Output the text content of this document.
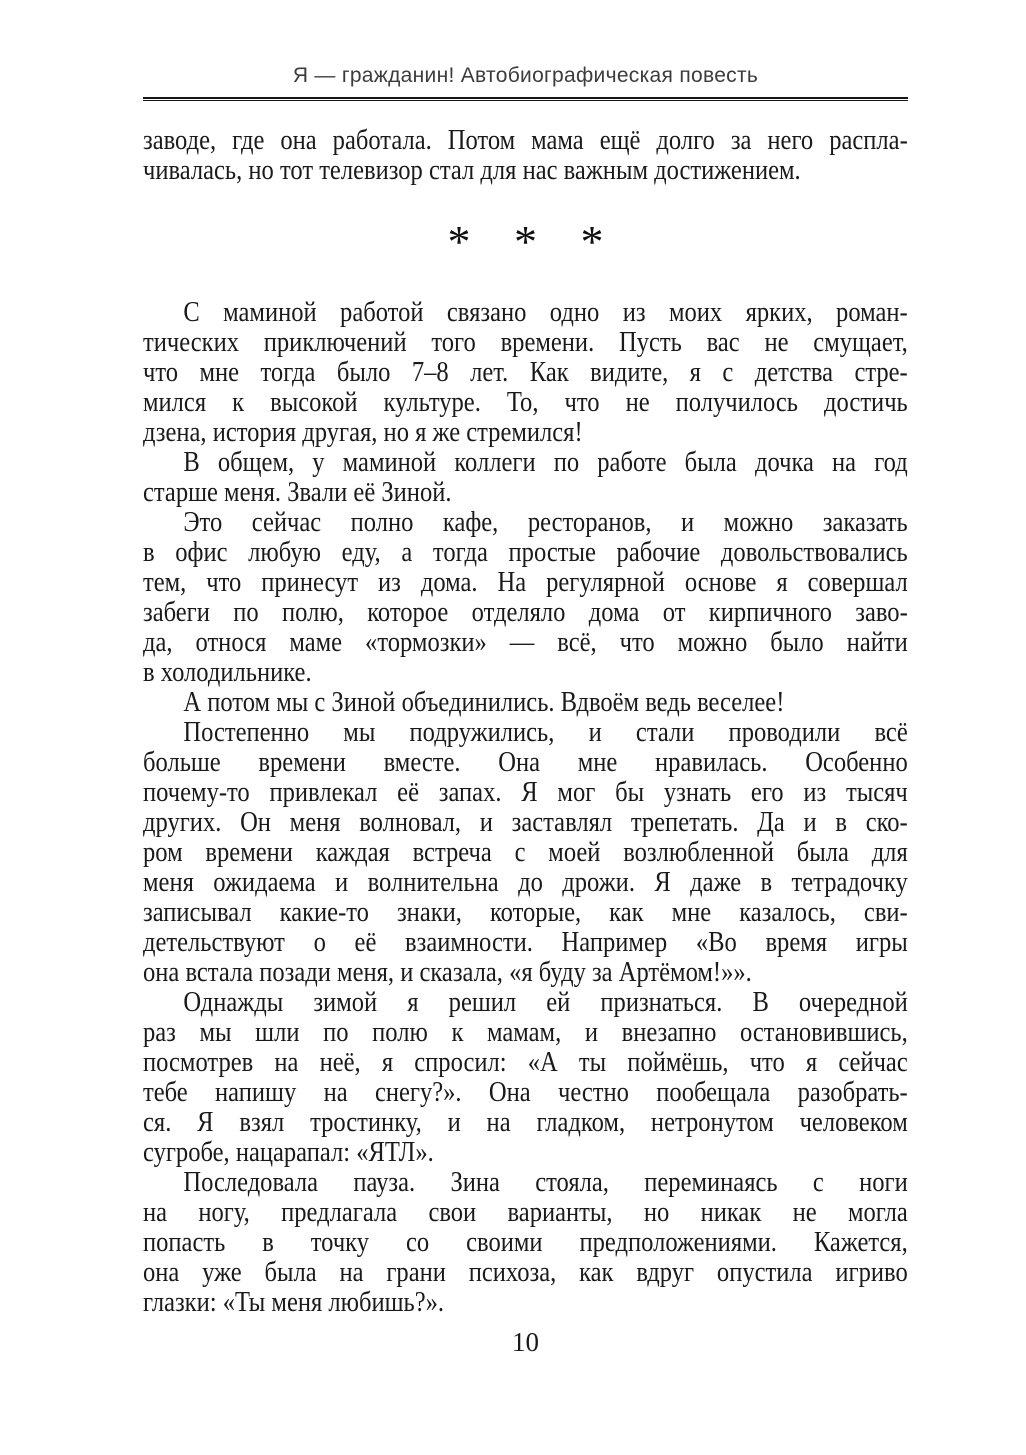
Я — гражданин! Автобиографическая повесть
заводе, где она работала. Потом мама ещё долго за него распла-
чивалась, но тот телевизор стал для нас важным достижением.
* * *
С маминой работой связано одно из моих ярких, роман-
тических приключений того времени. Пусть вас не смущает,
что мне тогда было 7–8 лет. Как видите, я с детства стре-
мился к высокой культуре. То, что не получилось достичь
дзена, история другая, но я же стремился!
В общем, у маминой коллеги по работе была дочка на год
старше меня. Звали её Зиной.
Это сейчас полно кафе, ресторанов, и можно заказать
в офис любую еду, а тогда простые рабочие довольствовались
тем, что принесут из дома. На регулярной основе я совершал
забеги по полю, которое отделяло дома от кирпичного заво-
да, относя маме «тормозки» — всё, что можно было найти
в холодильнике.
А потом мы с Зиной объединились. Вдвоём ведь веселее!
Постепенно мы подружились, и стали проводили всё
больше времени вместе. Она мне нравилась. Особенно
почему-то привлекал её запах. Я мог бы узнать его из тысяч
других. Он меня волновал, и заставлял трепетать. Да и в ско-
ром времени каждая встреча с моей возлюбленной была для
меня ожидаема и волнительна до дрожи. Я даже в тетрадочку
записывал какие-то знаки, которые, как мне казалось, сви-
детельствуют о её взаимности. Например «Во время игры
она встала позади меня, и сказала, «я буду за Артёмом!»».
Однажды зимой я решил ей признаться. В очередной
раз мы шли по полю к мамам, и внезапно остановившись,
посмотрев на неё, я спросил: «А ты поймёшь, что я сейчас
тебе напишу на снегу?». Она честно пообещала разобрать-
ся. Я взял тростинку, и на гладком, нетронутом человеком
сугробе, нацарапал: «ЯТЛ».
Последовала пауза. Зина стояла, переминаясь с ноги
на ногу, предлагала свои варианты, но никак не могла
попасть в точку со своими предположениями. Кажется,
она уже была на грани психоза, как вдруг опустила игриво
глазки: «Ты меня любишь?».
10
